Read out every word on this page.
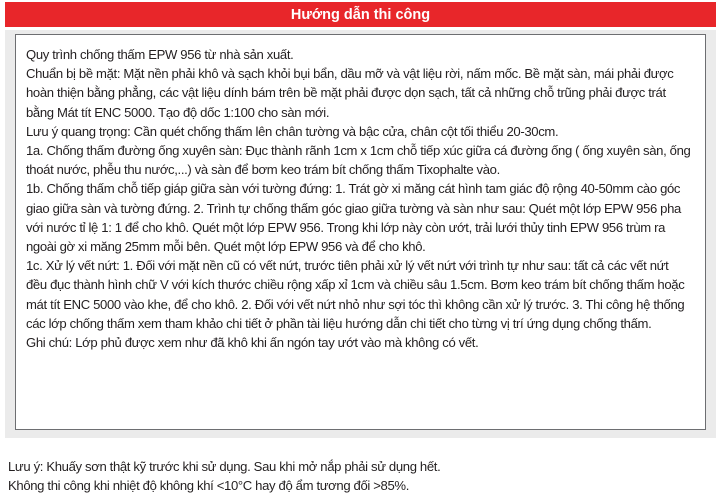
Hướng dẫn thi công

Quy trình chống thấm EPW 956 từ nhà sản xuất.

Chuẩn bị bề mặt: Mặt nền phải khô và sạch khỏi bụi bẩn, dầu mỡ và vật liệu rời, nấm mốc. Bề mặt sàn, mái phải được hoàn thiện bằng phẳng, các vật liệu dính bám trên bề mặt phải được dọn sạch, tất cả những chỗ trũng phải được trát bằng Mát tít ENC 5000. Tạo độ dốc 1:100 cho sàn mới.

Lưu ý quang trọng: Cần quét chống thấm lên chân tường và bậc cửa, chân cột tối thiểu 20-30cm.

1a. Chống thấm đường ống xuyên sàn: Đục thành rãnh 1cm x 1cm chỗ tiếp xúc giữa cá đường ống ( ống xuyên sàn, ống thoát nước, phễu thu nước,...) và sàn để bơm keo trám bít chống thấm Tixophalte vào.

1b. Chống thấm chỗ tiếp giáp giữa sàn với tường đứng: 1. Trát gờ xi măng cát hình tam giác độ rộng 40-50mm cào góc giao giữa sàn và tường đứng. 2. Trình tự chống thấm góc giao giữa tường và sàn như sau: Quét một lớp EPW 956 pha với nước tỉ lệ 1: 1 để cho khô. Quét một lớp EPW 956. Trong khi lớp này còn ướt, trải lưới thủy tinh EPW 956 trùm ra ngoài gờ xi măng 25mm mỗi bên. Quét một lớp EPW 956 và để cho khô.

1c. Xử lý vết nứt: 1. Đối với mặt nền cũ có vết nứt, trước tiên phải xử lý vết nứt với trình tự như sau: tất cả các vết nứt đều đục thành hình chữ V với kích thước chiều rộng xấp xỉ 1cm và chiều sâu 1.5cm. Bơm keo trám bít chống thấm hoặc mát tít ENC 5000 vào khe, để cho khô. 2. Đối với vết nứt nhỏ như sợi tóc thì không cần xử lý trước. 3. Thi công hệ thống các lớp chống thấm xem tham khảo chi tiết ở phần tài liệu hướng dẫn chi tiết cho từng vị trí ứng dụng chống thấm.

Ghi chú: Lớp phủ được xem như đã khô khi ấn ngón tay ướt vào mà không có vết.

Lưu ý: Khuấy sơn thật kỹ trước khi sử dụng. Sau khi mở nắp phải sử dụng hết.

Không thi công khi nhiệt độ không khí <10°C hay độ ẩm tương đối >85%.
